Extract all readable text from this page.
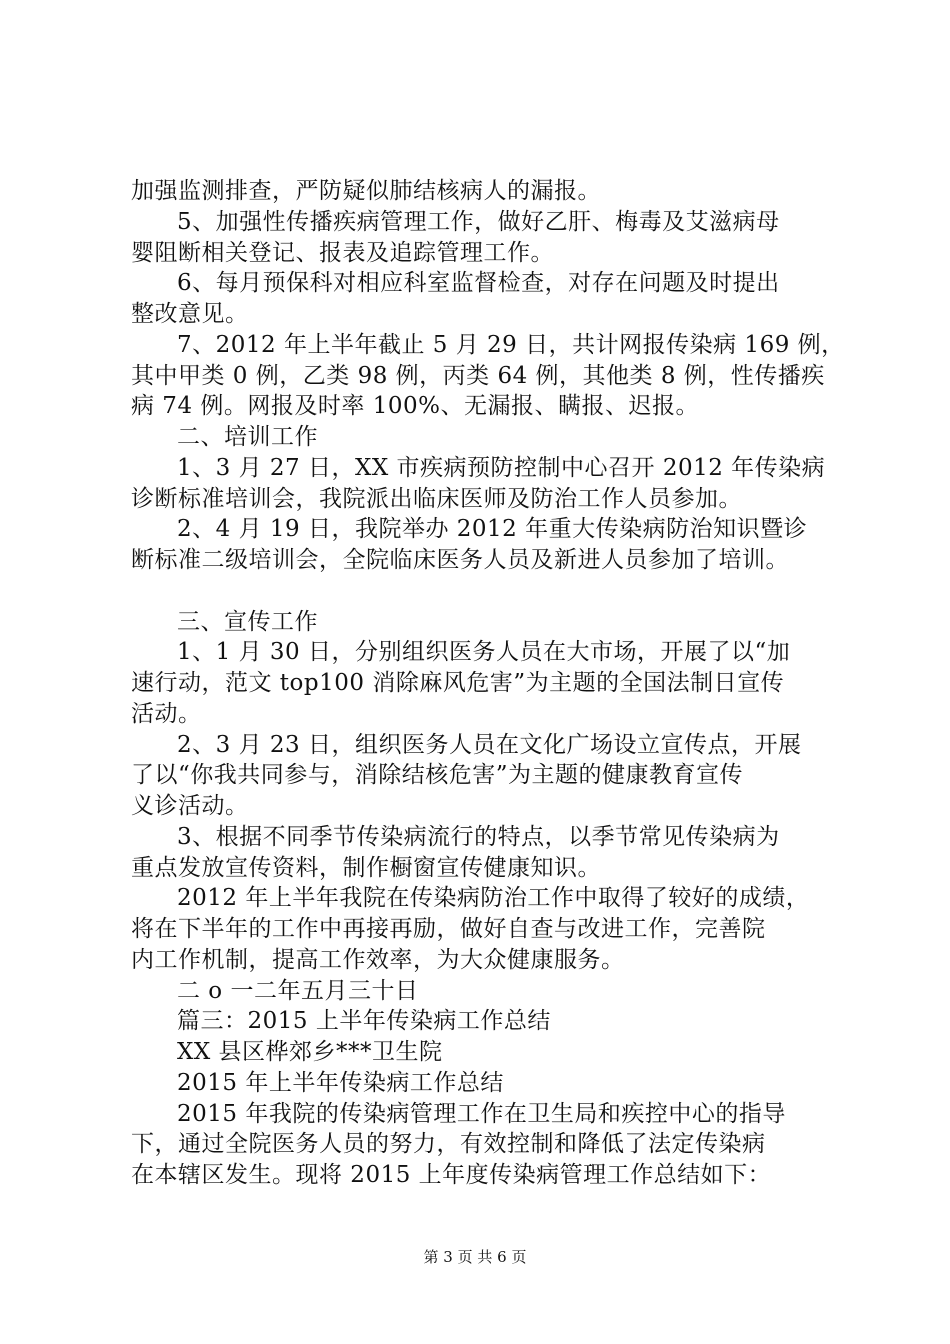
加强监测排查，严防疑似肺结核病人的漏报。
5、加强性传播疾病管理工作，做好乙肝、梅毒及艾滋病母
婴阻断相关登记、报表及追踪管理工作。
6、每月预保科对相应科室监督检查，对存在问题及时提出
整改意见。
7、2012 年上半年截止 5 月 29 日，共计网报传染病 169 例，
其中甲类 0 例，乙类 98 例，丙类 64 例，其他类 8 例，性传播疾
病 74 例。网报及时率 100%、无漏报、瞒报、迟报。
二、培训工作
1、3 月 27 日，XX 市疾病预防控制中心召开 2012 年传染病
诊断标准培训会，我院派出临床医师及防治工作人员参加。
2、4 月 19 日，我院举办 2012 年重大传染病防治知识暨诊
断标准二级培训会，全院临床医务人员及新进人员参加了培训。
三、宣传工作
1、1 月 30 日，分别组织医务人员在大市场，开展了以“加
速行动，范文 top100 消除麻风危害”为主题的全国法制日宣传
活动。
2、3 月 23 日，组织医务人员在文化广场设立宣传点，开展
了以“你我共同参与，消除结核危害”为主题的健康教育宣传
义诊活动。
3、根据不同季节传染病流行的特点，以季节常见传染病为
重点发放宣传资料，制作橱窗宣传健康知识。
2012 年上半年我院在传染病防治工作中取得了较好的成绩，
将在下半年的工作中再接再励，做好自查与改进工作，完善院
内工作机制，提高工作效率，为大众健康服务。
二 o 一二年五月三十日
篇三：2015 上半年传染病工作总结
XX 县区桦郊乡***卫生院
2015 年上半年传染病工作总结
2015 年我院的传染病管理工作在卫生局和疾控中心的指导
下，通过全院医务人员的努力，有效控制和降低了法定传染病
在本辖区发生。现将 2015 上年度传染病管理工作总结如下：
第 3 页 共 6 页
